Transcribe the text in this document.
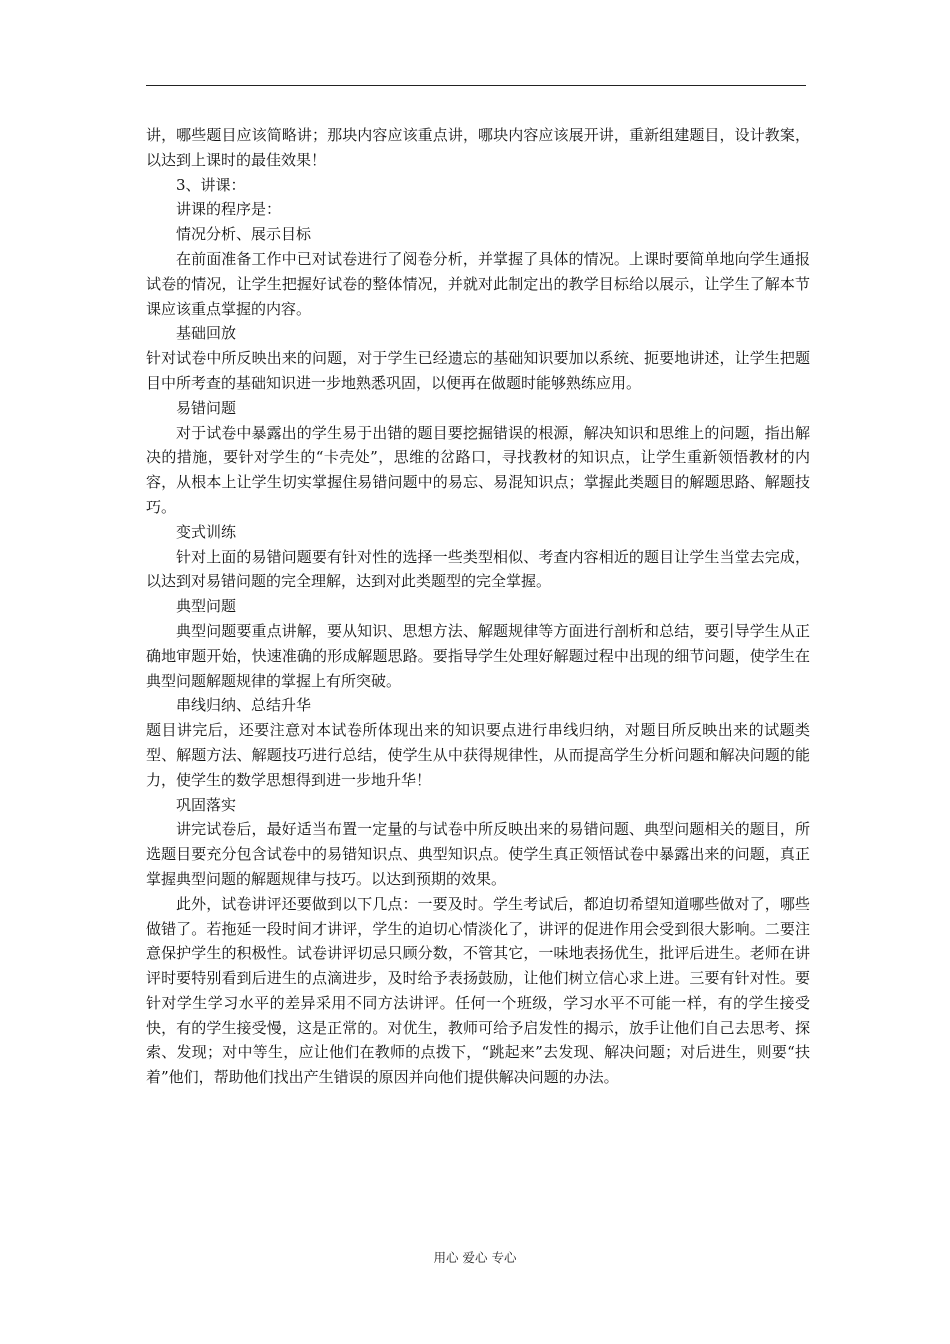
讲，哪些题目应该简略讲；那块内容应该重点讲，哪块内容应该展开讲，重新组建题目，设计教案，以达到上课时的最佳效果！

3、讲课：

讲课的程序是：

情况分析、展示目标

在前面准备工作中已对试卷进行了阅卷分析，并掌握了具体的情况。上课时要简单地向学生通报试卷的情况，让学生把握好试卷的整体情况，并就对此制定出的教学目标给以展示，让学生了解本节课应该重点掌握的内容。

基础回放

针对试卷中所反映出来的问题，对于学生已经遗忘的基础知识要加以系统、扼要地讲述，让学生把题目中所考查的基础知识进一步地熟悉巩固，以便再在做题时能够熟练应用。

易错问题

对于试卷中暴露出的学生易于出错的题目要挖掘错误的根源，解决知识和思维上的问题，指出解决的措施，要针对学生的“卡壳处”，思维的岔路口，寻找教材的知识点，让学生重新领悟教材的内容，从根本上让学生切实掌握住易错问题中的易忘、易混知识点；掌握此类题目的解题思路、解题技巧。

变式训练

针对上面的易错问题要有针对性的选择一些类型相似、考查内容相近的题目让学生当堂去完成，以达到对易错问题的完全理解，达到对此类题型的完全掌握。

典型问题

典型问题要重点讲解，要从知识、思想方法、解题规律等方面进行剖析和总结，要引导学生从正确地审题开始，快速准确的形成解题思路。要指导学生处理好解题过程中出现的细节问题，使学生在典型问题解题规律的掌握上有所突破。

串线归纳、总结升华

题目讲完后，还要注意对本试卷所体现出来的知识要点进行串线归纳，对题目所反映出来的试题类型、解题方法、解题技巧进行总结，使学生从中获得规律性，从而提高学生分析问题和解决问题的能力，使学生的数学思想得到进一步地升华！

巩固落实

讲完试卷后，最好适当布置一定量的与试卷中所反映出来的易错问题、典型问题相关的题目，所选题目要充分包含试卷中的易错知识点、典型知识点。使学生真正领悟试卷中暴露出来的问题，真正掌握典型问题的解题规律与技巧。以达到预期的效果。

此外，试卷讲评还要做到以下几点：一要及时。学生考试后，都迫切希望知道哪些做对了，哪些做错了。若拖延一段时间才讲评，学生的迫切心情淡化了，讲评的促进作用会受到很大影响。二要注意保护学生的积极性。试卷讲评切忌只顾分数，不管其它，一味地表扬优生，批评后进生。老师在讲评时要特别看到后进生的点滴进步，及时给予表扬鼓励，让他们树立信心求上进。三要有针对性。要针对学生学习水平的差异采用不同方法讲评。任何一个班级，学习水平不可能一样，有的学生接受快，有的学生接受慢，这是正常的。对优生，教师可给予启发性的揭示，放手让他们自己去思考、探索、发现；对中等生，应让他们在教师的点拨下，“跳起来”去发现、解决问题；对后进生，则要“扶着”他们，帮助他们找出产生错误的原因并向他们提供解决问题的办法。

用心 爱心 专心
